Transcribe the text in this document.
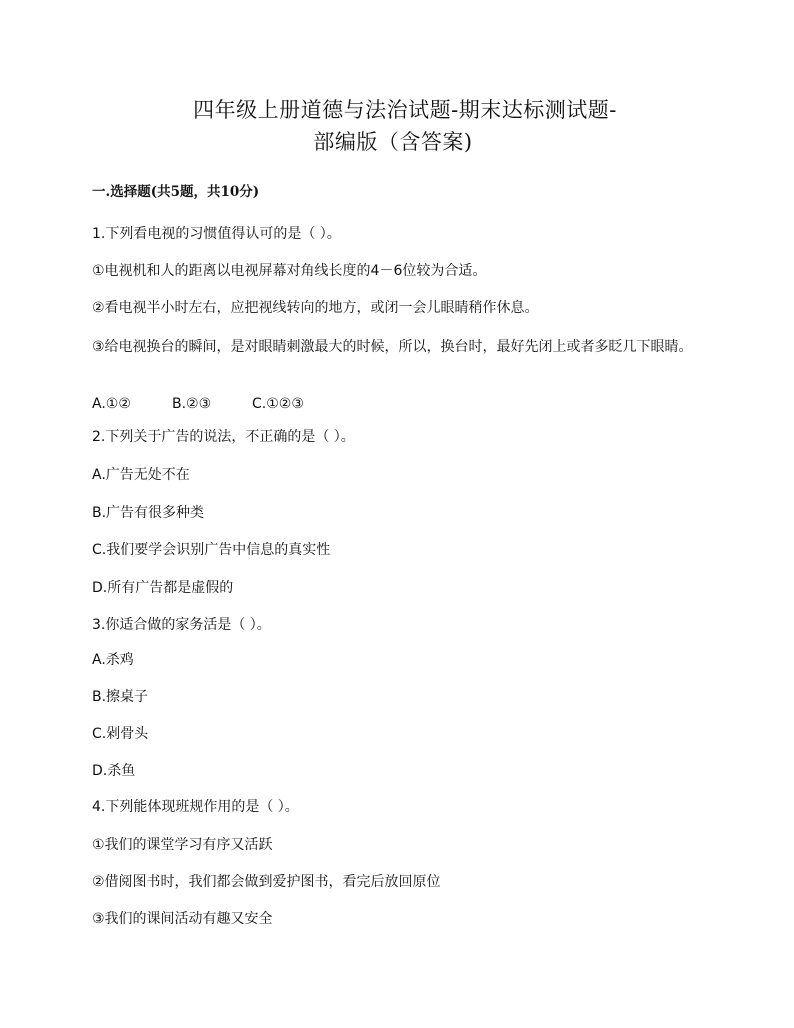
四年级上册道德与法治试题-期末达标测试题-
部编版（含答案)
一.选择题(共5题，共10分)
1.下列看电视的习惯值得认可的是（ ）。
①电视机和人的距离以电视屏幕对角线长度的4－6位较为合适。
②看电视半小时左右，应把视线转向的地方，或闭一会儿眼睛稍作休息。
③给电视换台的瞬间，是对眼睛刺激最大的时候，所以，换台时，最好先闭上或者多眨几下眼睛。
A.①②	B.②③	C.①②③
2.下列关于广告的说法，不正确的是（ ）。
A.广告无处不在
B.广告有很多种类
C.我们要学会识别广告中信息的真实性
D.所有广告都是虚假的
3.你适合做的家务活是（ ）。
A.杀鸡
B.擦桌子
C.剁骨头
D.杀鱼
4.下列能体现班规作用的是（ ）。
①我们的课堂学习有序又活跃
②借阅图书时，我们都会做到爱护图书，看完后放回原位
③我们的课间活动有趣又安全
